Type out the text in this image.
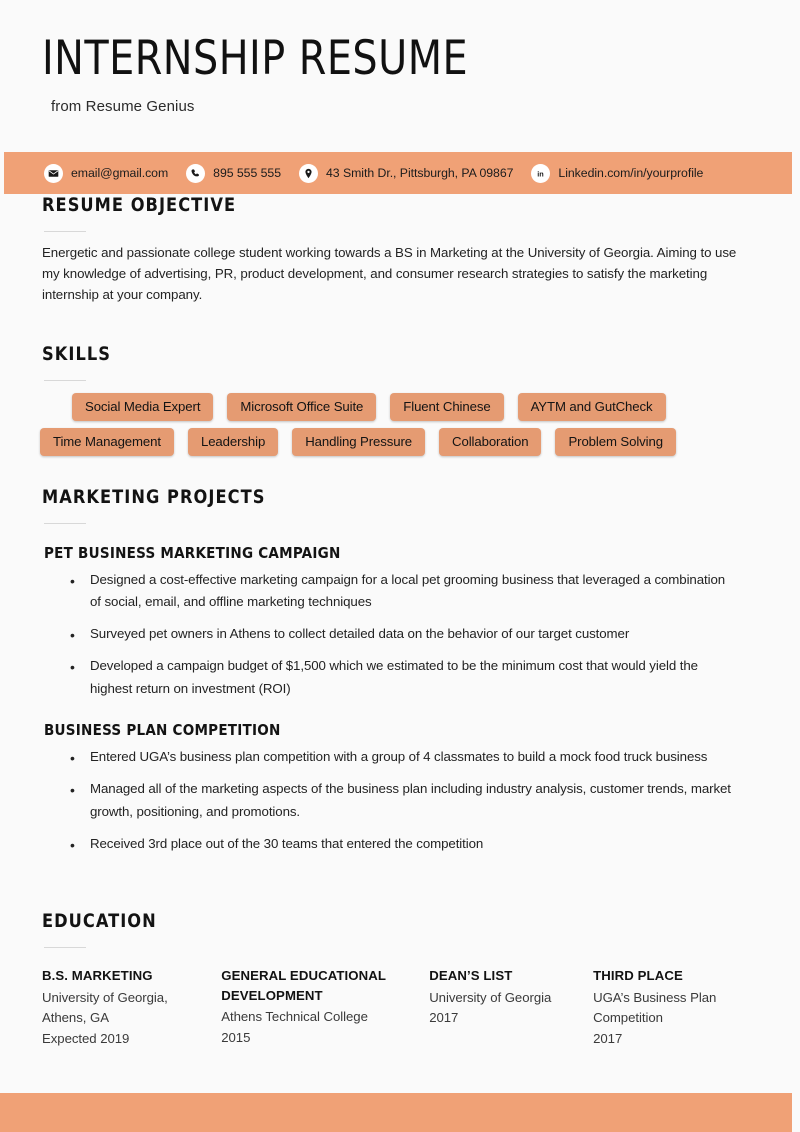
INTERNSHIP RESUME
from Resume Genius
email@gmail.com	895 555 555	43 Smith Dr., Pittsburgh, PA 09867	in Linkedin.com/in/yourprofile
RESUME OBJECTIVE
Energetic and passionate college student working towards a BS in Marketing at the University of Georgia. Aiming to use my knowledge of advertising, PR, product development, and consumer research strategies to satisfy the marketing internship at your company.
SKILLS
Social Media Expert	Microsoft Office Suite	Fluent Chinese	AYTM and GutCheck
Time Management	Leadership	Handling Pressure	Collaboration	Problem Solving
MARKETING PROJECTS
PET BUSINESS MARKETING CAMPAIGN
• Designed a cost-effective marketing campaign for a local pet grooming business that leveraged a combination of social, email, and offline marketing techniques
• Surveyed pet owners in Athens to collect detailed data on the behavior of our target customer
• Developed a campaign budget of $1,500 which we estimated to be the minimum cost that would yield the highest return on investment (ROI)
BUSINESS PLAN COMPETITION
• Entered UGA’s business plan competition with a group of 4 classmates to build a mock food truck business
• Managed all of the marketing aspects of the business plan including industry analysis, customer trends, market growth, positioning, and promotions.
• Received 3rd place out of the 30 teams that entered the competition
EDUCATION
B.S. MARKETING
University of Georgia,
Athens, GA
Expected 2019
GENERAL EDUCATIONAL DEVELOPMENT
Athens Technical College
2015
DEAN’S LIST
University of Georgia
2017
THIRD PLACE
UGA’s Business Plan Competition
2017
